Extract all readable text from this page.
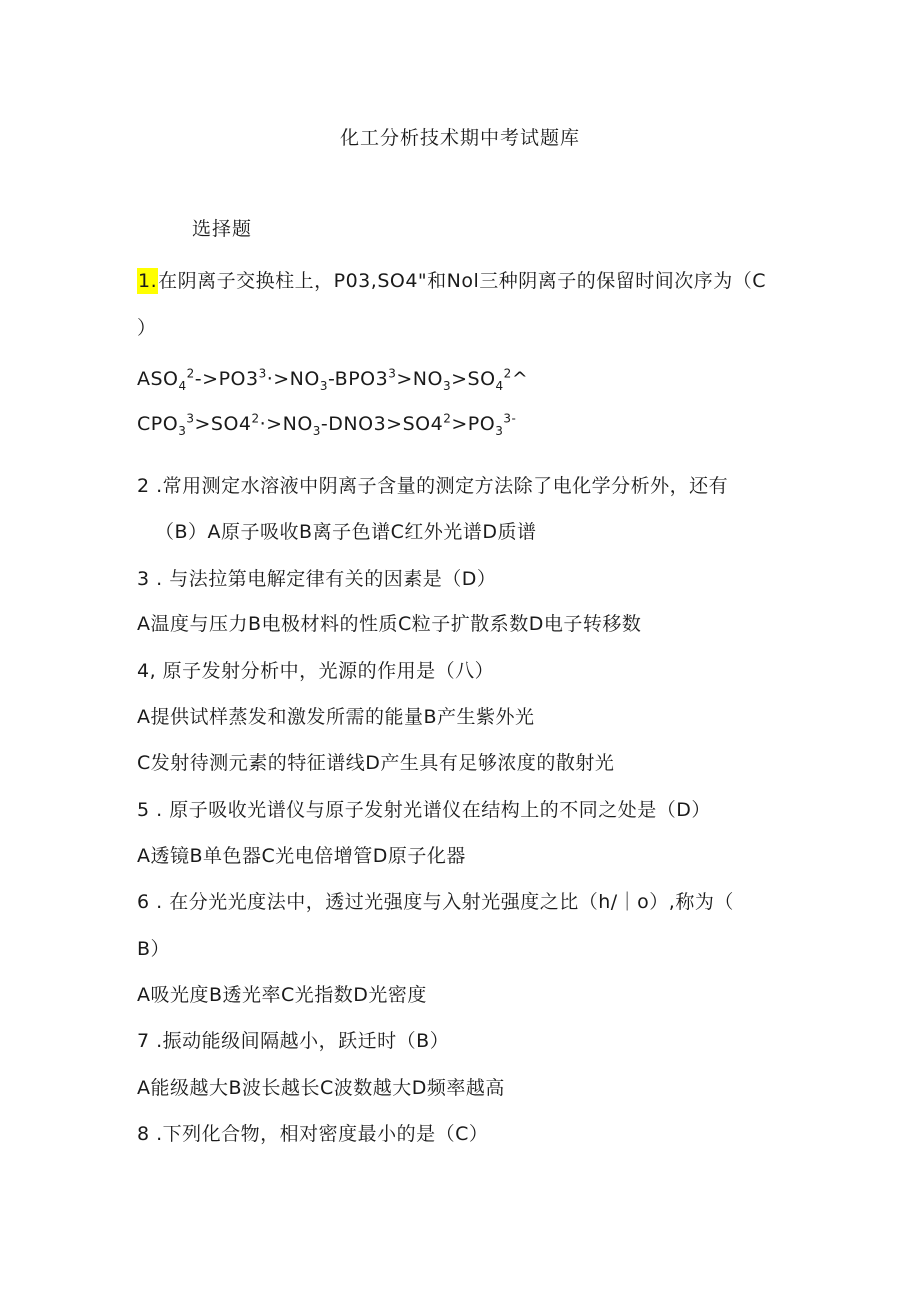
化工分析技术期中考试题库
选择题
1.在阴离子交换柱上，P03,SO4"和Nol三种阴离子的保留时间次序为（C
）
$ASO_4^2->PO3^3\cdot>NO_3-BPO3^3>NO_3>SO_4^2\^{}$
$CPO_3^3>SO4^2\cdot>NO_3-DNO3>SO4^2>PO_3^{3-}$
2 .常用测定水溶液中阴离子含量的测定方法除了电化学分析外，还有
（B）A原子吸收B离子色谱C红外光谱D质谱
3 . 与法拉第电解定律有关的因素是（D）
A温度与压力B电极材料的性质C粒子扩散系数D电子转移数
4, 原子发射分析中，光源的作用是（八）
A提供试样蒸发和激发所需的能量B产生紫外光
C发射待测元素的特征谱线D产生具有足够浓度的散射光
5 . 原子吸收光谱仪与原子发射光谱仪在结构上的不同之处是（D）
A透镜B单色器C光电倍增管D原子化器
6 . 在分光光度法中，透过光强度与入射光强度之比（h/｜o）,称为（
B）
A吸光度B透光率C光指数D光密度
7 .振动能级间隔越小，跃迁时（B）
A能级越大B波长越长C波数越大D频率越高
8 .下列化合物，相对密度最小的是（C）
